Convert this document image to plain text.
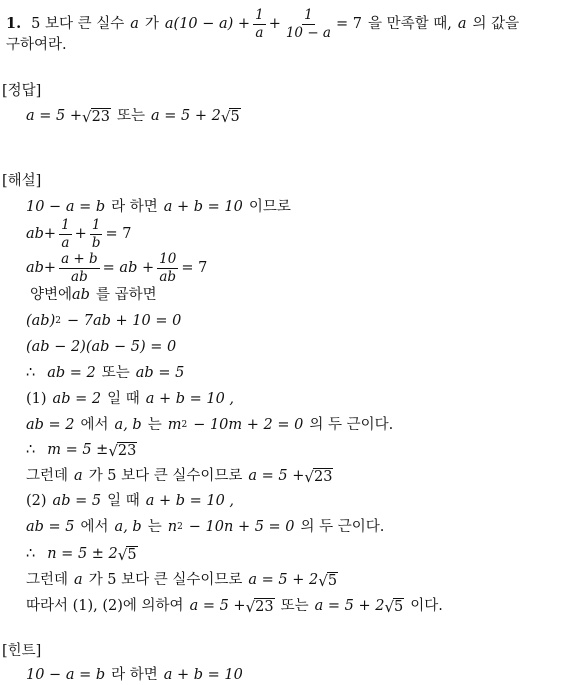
1. 5 보다 큰 실수 a 가 $a(10 - a) + \frac{1}{a} + \frac{1}{10 - a} = 7$ 을 만족할 때, a 의 값을
구하여라.
[정답]
a = 5 + √ 23 또는 a = 5 + 2 √ 5
[해설]
10 − a = b 라 하면 a + b = 10 이므로
$ab+ \frac{1}{a} + \frac{1}{b} = 7$
$ab+ \frac{a + b}{ab}$ = ab + $\frac{10}{ab} = 7$
양변에 ab 를 곱하면
(ab) 2 − 7ab + 10 = 0
(ab − 2)(ab − 5) = 0
∴ ab = 2 또는 ab = 5
(1) ab = 2 일 때 a + b = 10 ,
ab = 2 에서 a, b 는 m 2 − 10m + 2 = 0 의 두 근이다.
∴ m = 5 ± √ 23
그런데 a 가 5 보다 큰 실수이므로 a = 5 + √ 23
(2) ab = 5 일 때 a + b = 10 ,
ab = 5 에서 a, b 는 n 2 − 10n + 5 = 0 의 두 근이다.
∴ n = 5 ± 2 √ 5
그런데 a 가 5 보다 큰 실수이므로 a = 5 + 2 √ 5
따라서 (1), (2)에 의하여 a = 5 + √ 23 또는 a = 5 + 2 √ 5 이다.
[힌트]
10 − a = b 라 하면 a + b = 10
